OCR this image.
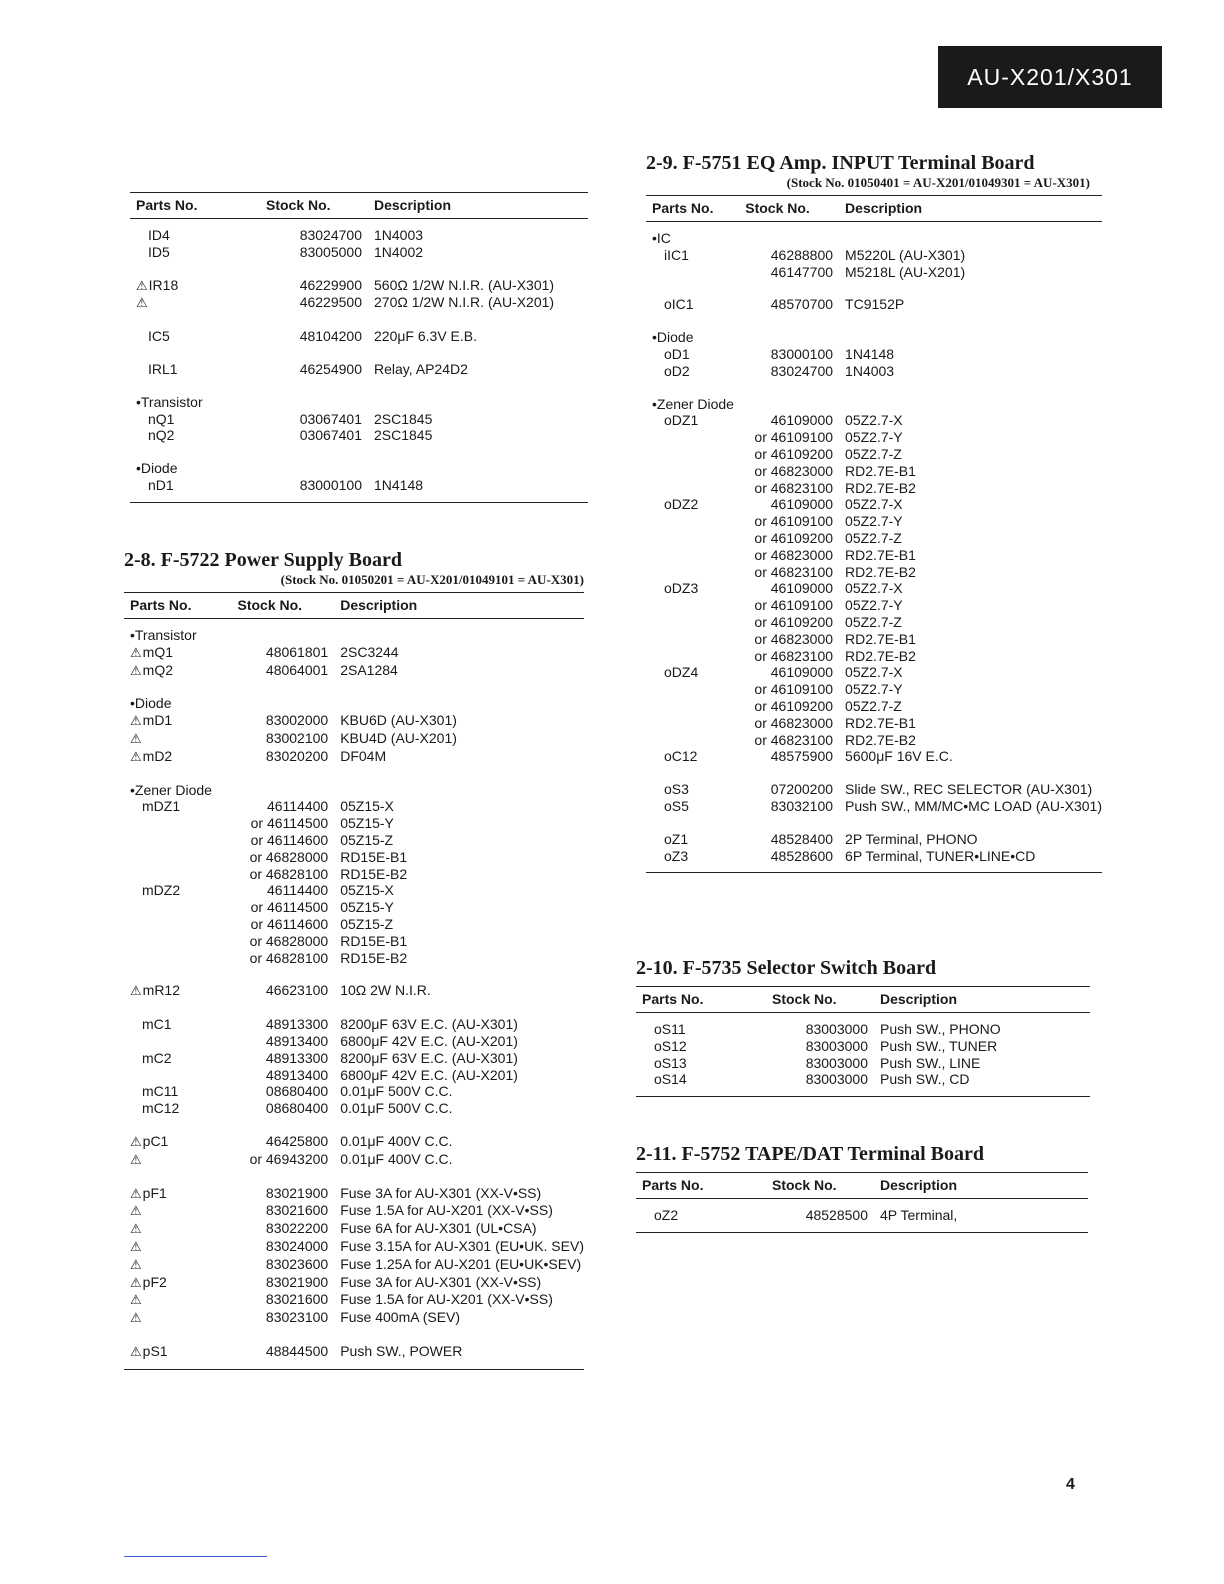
AU-X201/X301
Parts No.	Stock No.	Description
ID4	83024700	1N4003
ID5	83005000	1N4002

⚠IR18	46229900	560Ω 1/2W N.I.R. (AU-X301)
⚠	46229500	270Ω 1/2W N.I.R. (AU-X201)

IC5	48104200	220μF 6.3V E.B.

IRL1	46254900	Relay, AP24D2

•Transistor		
nQ1	03067401	2SC1845
nQ2	03067401	2SC1845

•Diode		
nD1	83000100	1N4148
2-8. F-5722 Power Supply Board
(Stock No. 01050201 = AU-X201/01049101 = AU-X301)
Parts No.	Stock No.	Description
•Transistor		
⚠mQ1	48061801	2SC3244
⚠mQ2	48064001	2SA1284

•Diode		
⚠mD1	83002000	KBU6D (AU-X301)
⚠	83002100	KBU4D (AU-X201)
⚠mD2	83020200	DF04M

•Zener Diode		
mDZ1	46114400	05Z15-X
	or 46114500	05Z15-Y
	or 46114600	05Z15-Z
	or 46828000	RD15E-B1
	or 46828100	RD15E-B2
mDZ2	46114400	05Z15-X
	or 46114500	05Z15-Y
	or 46114600	05Z15-Z
	or 46828000	RD15E-B1
	or 46828100	RD15E-B2

⚠mR12	46623100	10Ω 2W N.I.R.

mC1	48913300	8200μF 63V E.C. (AU-X301)
	48913400	6800μF 42V E.C. (AU-X201)
mC2	48913300	8200μF 63V E.C. (AU-X301)
	48913400	6800μF 42V E.C. (AU-X201)
mC11	08680400	0.01μF 500V C.C.
mC12	08680400	0.01μF 500V C.C.

⚠pC1	46425800	0.01μF 400V C.C.
⚠	or 46943200	0.01μF 400V C.C.

⚠pF1	83021900	Fuse 3A for AU-X301 (XX-V•SS)
⚠	83021600	Fuse 1.5A for AU-X201 (XX-V•SS)
⚠	83022200	Fuse 6A for AU-X301 (UL•CSA)
⚠	83024000	Fuse 3.15A for AU-X301 (EU•UK. SEV)
⚠	83023600	Fuse 1.25A for AU-X201 (EU•UK•SEV)
⚠pF2	83021900	Fuse 3A for AU-X301 (XX-V•SS)
⚠	83021600	Fuse 1.5A for AU-X201 (XX-V•SS)
⚠	83023100	Fuse 400mA (SEV)

⚠pS1	48844500	Push SW., POWER
2-9. F-5751 EQ Amp. INPUT Terminal Board
(Stock No. 01050401 = AU-X201/01049301 = AU-X301)
Parts No.	Stock No.	Description
•IC		
iIC1	46288800	M5220L (AU-X301)
	46147700	M5218L (AU-X201)

oIC1	48570700	TC9152P

•Diode		
oD1	83000100	1N4148
oD2	83024700	1N4003

•Zener Diode		
oDZ1	46109000	05Z2.7-X
	or 46109100	05Z2.7-Y
	or 46109200	05Z2.7-Z
	or 46823000	RD2.7E-B1
	or 46823100	RD2.7E-B2
oDZ2	46109000	05Z2.7-X
	or 46109100	05Z2.7-Y
	or 46109200	05Z2.7-Z
	or 46823000	RD2.7E-B1
	or 46823100	RD2.7E-B2
oDZ3	46109000	05Z2.7-X
	or 46109100	05Z2.7-Y
	or 46109200	05Z2.7-Z
	or 46823000	RD2.7E-B1
	or 46823100	RD2.7E-B2
oDZ4	46109000	05Z2.7-X
	or 46109100	05Z2.7-Y
	or 46109200	05Z2.7-Z
	or 46823000	RD2.7E-B1
	or 46823100	RD2.7E-B2
oC12	48575900	5600μF 16V E.C.

oS3	07200200	Slide SW., REC SELECTOR (AU-X301)
oS5	83032100	Push SW., MM/MC•MC LOAD (AU-X301)

oZ1	48528400	2P Terminal, PHONO
oZ3	48528600	6P Terminal, TUNER•LINE•CD
2-10. F-5735 Selector Switch Board
Parts No.	Stock No.	Description
oS11	83003000	Push SW., PHONO
oS12	83003000	Push SW., TUNER
oS13	83003000	Push SW., LINE
oS14	83003000	Push SW., CD
2-11. F-5752 TAPE/DAT Terminal Board
Parts No.	Stock No.	Description
oZ2	48528500	4P Terminal,
4
